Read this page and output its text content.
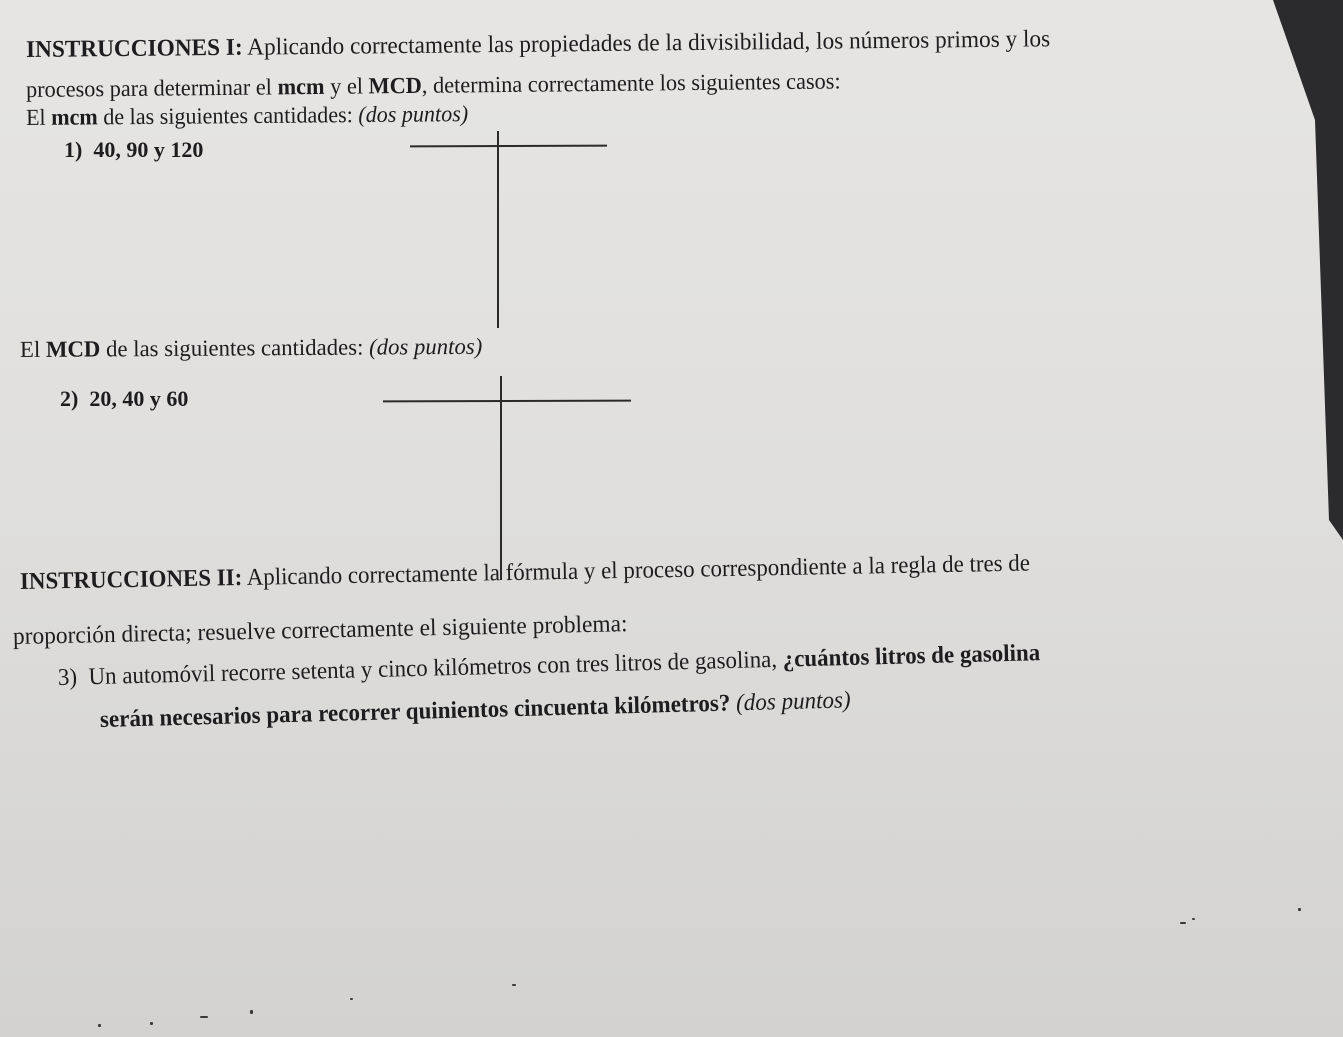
INSTRUCCIONES I: Aplicando correctamente las propiedades de la divisibilidad, los números primos y los
procesos para determinar el mcm y el MCD, determina correctamente los siguientes casos:
El mcm de las siguientes cantidades: (dos puntos)
1) 40, 90 y 120
El MCD de las siguientes cantidades: (dos puntos)
2) 20, 40 y 60
INSTRUCCIONES II: Aplicando correctamente la fórmula y el proceso correspondiente a la regla de tres de
proporción directa; resuelve correctamente el siguiente problema:
3) Un automóvil recorre setenta y cinco kilómetros con tres litros de gasolina, ¿cuántos litros de gasolina
serán necesarios para recorrer quinientos cincuenta kilómetros? (dos puntos)
